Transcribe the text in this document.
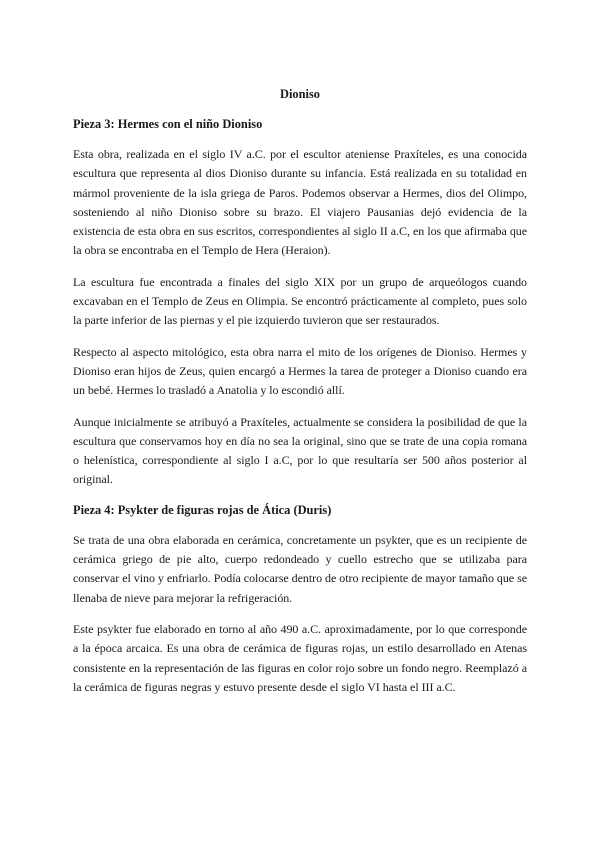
Dioniso
Pieza 3: Hermes con el niño Dioniso

Esta obra, realizada en el siglo IV a.C. por el escultor ateniense Praxíteles, es una conocida escultura que representa al dios Dioniso durante su infancia. Está realizada en su totalidad en mármol proveniente de la isla griega de Paros. Podemos observar a Hermes, dios del Olimpo, sosteniendo al niño Dioniso sobre su brazo. El viajero Pausanias dejó evidencia de la existencia de esta obra en sus escritos, correspondientes al siglo II a.C, en los que afirmaba que la obra se encontraba en el Templo de Hera (Heraion).

La escultura fue encontrada a finales del siglo XIX por un grupo de arqueólogos cuando excavaban en el Templo de Zeus en Olimpia. Se encontró prácticamente al completo, pues solo la parte inferior de las piernas y el pie izquierdo tuvieron que ser restaurados.

Respecto al aspecto mitológico, esta obra narra el mito de los orígenes de Dioniso. Hermes y Dioniso eran hijos de Zeus, quien encargó a Hermes la tarea de proteger a Dioniso cuando era un bebé. Hermes lo trasladó a Anatolia y lo escondió allí.

Aunque inicialmente se atribuyó a Praxíteles, actualmente se considera la posibilidad de que la escultura que conservamos hoy en día no sea la original, sino que se trate de una copia romana o helenística, correspondiente al siglo I a.C, por lo que resultaría ser 500 años posterior al original.

Pieza 4: Psykter de figuras rojas de Ática (Duris)

Se trata de una obra elaborada en cerámica, concretamente un psykter, que es un recipiente de cerámica griego de pie alto, cuerpo redondeado y cuello estrecho que se utilizaba para conservar el vino y enfriarlo. Podía colocarse dentro de otro recipiente de mayor tamaño que se llenaba de nieve para mejorar la refrigeración.

Este psykter fue elaborado en torno al año 490 a.C. aproximadamente, por lo que corresponde a la época arcaica. Es una obra de cerámica de figuras rojas, un estilo desarrollado en Atenas consistente en la representación de las figuras en color rojo sobre un fondo negro. Reemplazó a la cerámica de figuras negras y estuvo presente desde el siglo VI hasta el III a.C.
